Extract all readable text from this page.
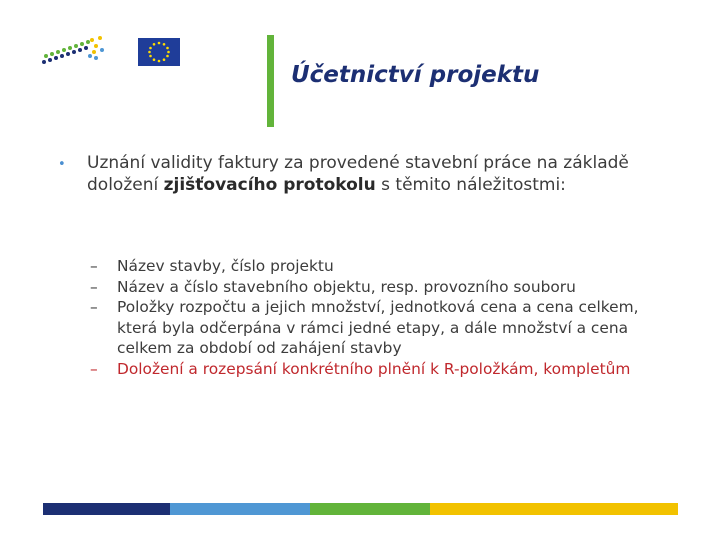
Účetnictví projektu
• Uznání validity faktury za provedené stavební práce na základě doložení zjišťovacího protokolu s těmito náležitostmi:
– Název stavby, číslo projektu
– Název a číslo stavebního objektu, resp. provozního souboru
– Položky rozpočtu a jejich množství, jednotková cena a cena celkem, která byla odčerpána v rámci jedné etapy, a dále množství a cena celkem za období od zahájení stavby
– Doložení a rozepsání konkrétního plnění k R-položkám, kompletům
